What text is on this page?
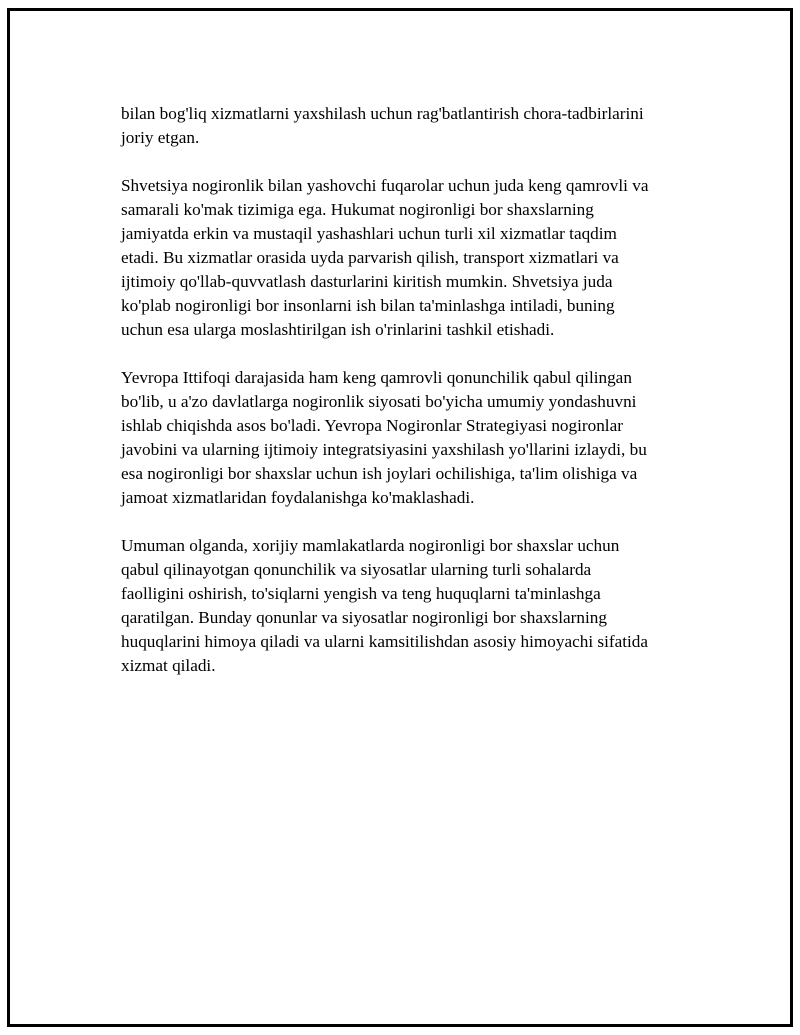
bilan bog'liq xizmatlarni yaxshilash uchun rag'batlantirish chora-tadbirlarini
joriy etgan.

Shvetsiya nogironlik bilan yashovchi fuqarolar uchun juda keng qamrovli va
samarali ko'mak tizimiga ega. Hukumat nogironligi bor shaxslarning
jamiyatda erkin va mustaqil yashashlari uchun turli xil xizmatlar taqdim
etadi. Bu xizmatlar orasida uyda parvarish qilish, transport xizmatlari va
ijtimoiy qo'llab-quvvatlash dasturlarini kiritish mumkin. Shvetsiya juda
ko'plab nogironligi bor insonlarni ish bilan ta'minlashga intiladi, buning
uchun esa ularga moslashtirilgan ish o'rinlarini tashkil etishadi.

Yevropa Ittifoqi darajasida ham keng qamrovli qonunchilik qabul qilingan
bo'lib, u a'zo davlatlarga nogironlik siyosati bo'yicha umumiy yondashuvni
ishlab chiqishda asos bo'ladi. Yevropa Nogironlar Strategiyasi nogironlar
javobini va ularning ijtimoiy integratsiyasini yaxshilash yo'llarini izlaydi, bu
esa nogironligi bor shaxslar uchun ish joylari ochilishiga, ta'lim olishiga va
jamoat xizmatlaridan foydalanishga ko'maklashadi.

Umuman olganda, xorijiy mamlakatlarda nogironligi bor shaxslar uchun
qabul qilinayotgan qonunchilik va siyosatlar ularning turli sohalarda
faolligini oshirish, to'siqlarni yengish va teng huquqlarni ta'minlashga
qaratilgan. Bunday qonunlar va siyosatlar nogironligi bor shaxslarning
huquqlarini himoya qiladi va ularni kamsitilishdan asosiy himoyachi sifatida
xizmat qiladi.
